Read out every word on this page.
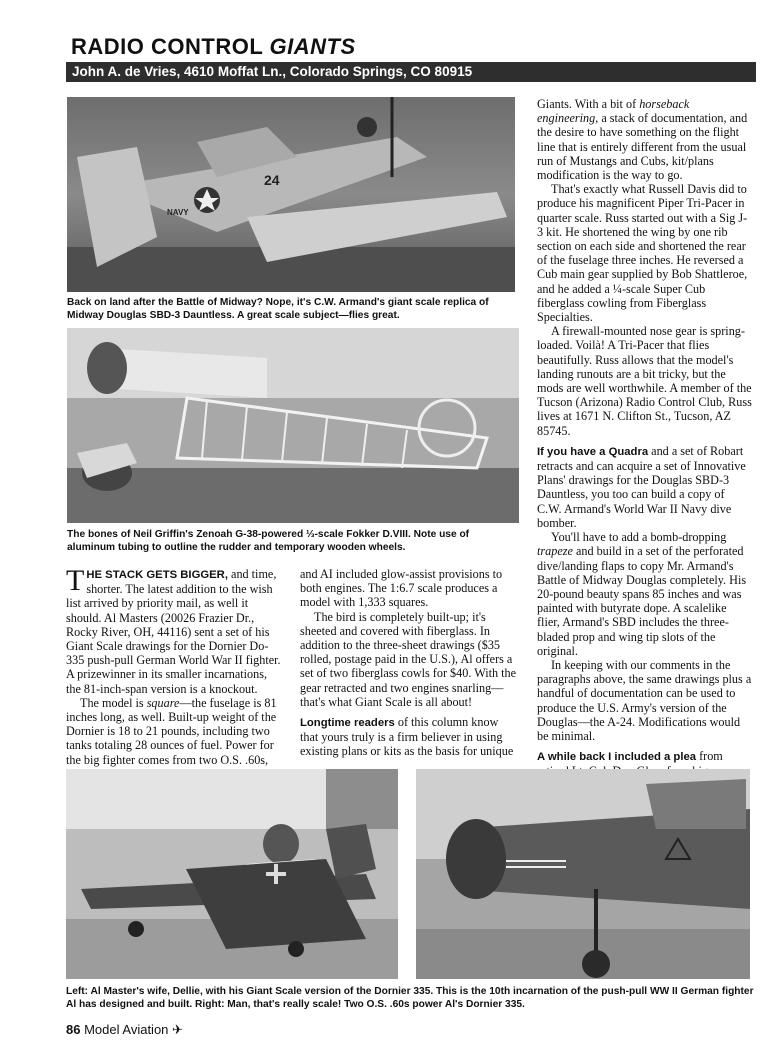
RADIO CONTROL GIANTS
John A. de Vries, 4610 Moffat Ln., Colorado Springs, CO 80915
24
NAVY
Back on land after the Battle of Midway? Nope, it's C.W. Armand's giant scale replica of Midway Douglas SBD-3 Dauntless. A great scale subject—flies great.
The bones of Neil Griffin's Zenoah G-38-powered ⅓-scale Fokker D.VIII. Note use of aluminum tubing to outline the rudder and temporary wooden wheels.

T HE STACK GETS BIGGER, and time, shorter. The latest addition to the wish list arrived by priority mail, as well it should. Al Masters (20026 Frazier Dr., Rocky River, OH, 44116) sent a set of his Giant Scale drawings for the Dornier Do-335 push-pull German World War II fighter. A prizewinner in its smaller incarnations, the 81-inch-span version is a knockout.

The model is square—the fuselage is 81 inches long, as well. Built-up weight of the Dornier is 18 to 21 pounds, including two tanks totaling 28 ounces of fuel. Power for the big fighter comes from two O.S. .60s,

and AI included glow-assist provisions to both engines. The 1:6.7 scale produces a model with 1,333 squares.

The bird is completely built-up; it's sheeted and covered with fiberglass. In addition to the three-sheet drawings ($35 rolled, postage paid in the U.S.), Al offers a set of two fiberglass cowls for $40. With the gear retracted and two engines snarling—that's what Giant Scale is all about!

Longtime readers of this column know that yours truly is a firm believer in using existing plans or kits as the basis for unique

Giants. With a bit of horseback engineering, a stack of documentation, and the desire to have something on the flight line that is entirely different from the usual run of Mustangs and Cubs, kit/plans modification is the way to go.

That's exactly what Russell Davis did to produce his magnificent Piper Tri-Pacer in quarter scale. Russ started out with a Sig J-3 kit. He shortened the wing by one rib section on each side and shortened the rear of the fuselage three inches. He reversed a Cub main gear supplied by Bob Shattleroe, and he added a ¼-scale Super Cub fiberglass cowling from Fiberglass Specialties.

A firewall-mounted nose gear is spring-loaded. Voilà! A Tri-Pacer that flies beautifully. Russ allows that the model's landing runouts are a bit tricky, but the mods are well worthwhile. A member of the Tucson (Arizona) Radio Control Club, Russ lives at 1671 N. Clifton St., Tucson, AZ 85745.

If you have a Quadra and a set of Robart retracts and can acquire a set of Innovative Plans' drawings for the Douglas SBD-3 Dauntless, you too can build a copy of C.W. Armand's World War II Navy dive bomber.

You'll have to add a bomb-dropping trapeze and build in a set of the perforated dive/landing flaps to copy Mr. Armand's Battle of Midway Douglas completely. His 20-pound beauty spans 85 inches and was painted with butyrate dope. A scalelike flier, Armand's SBD includes the three-bladed prop and wing tip slots of the original.

In keeping with our comments in the paragraphs above, the same drawings plus a handful of documentation can be used to produce the U.S. Army's version of the Douglas—the A-24. Modifications would be minimal.

A while back I included a plea from

Left: Al Master's wife, Dellie, with his Giant Scale version of the Dornier 335. This is the 10th incarnation of the push-pull WW II German fighter Al has designed and built. Right: Man, that's really scale! Two O.S. .60s power Al's Dornier 335.
86 Model Aviation ✈
